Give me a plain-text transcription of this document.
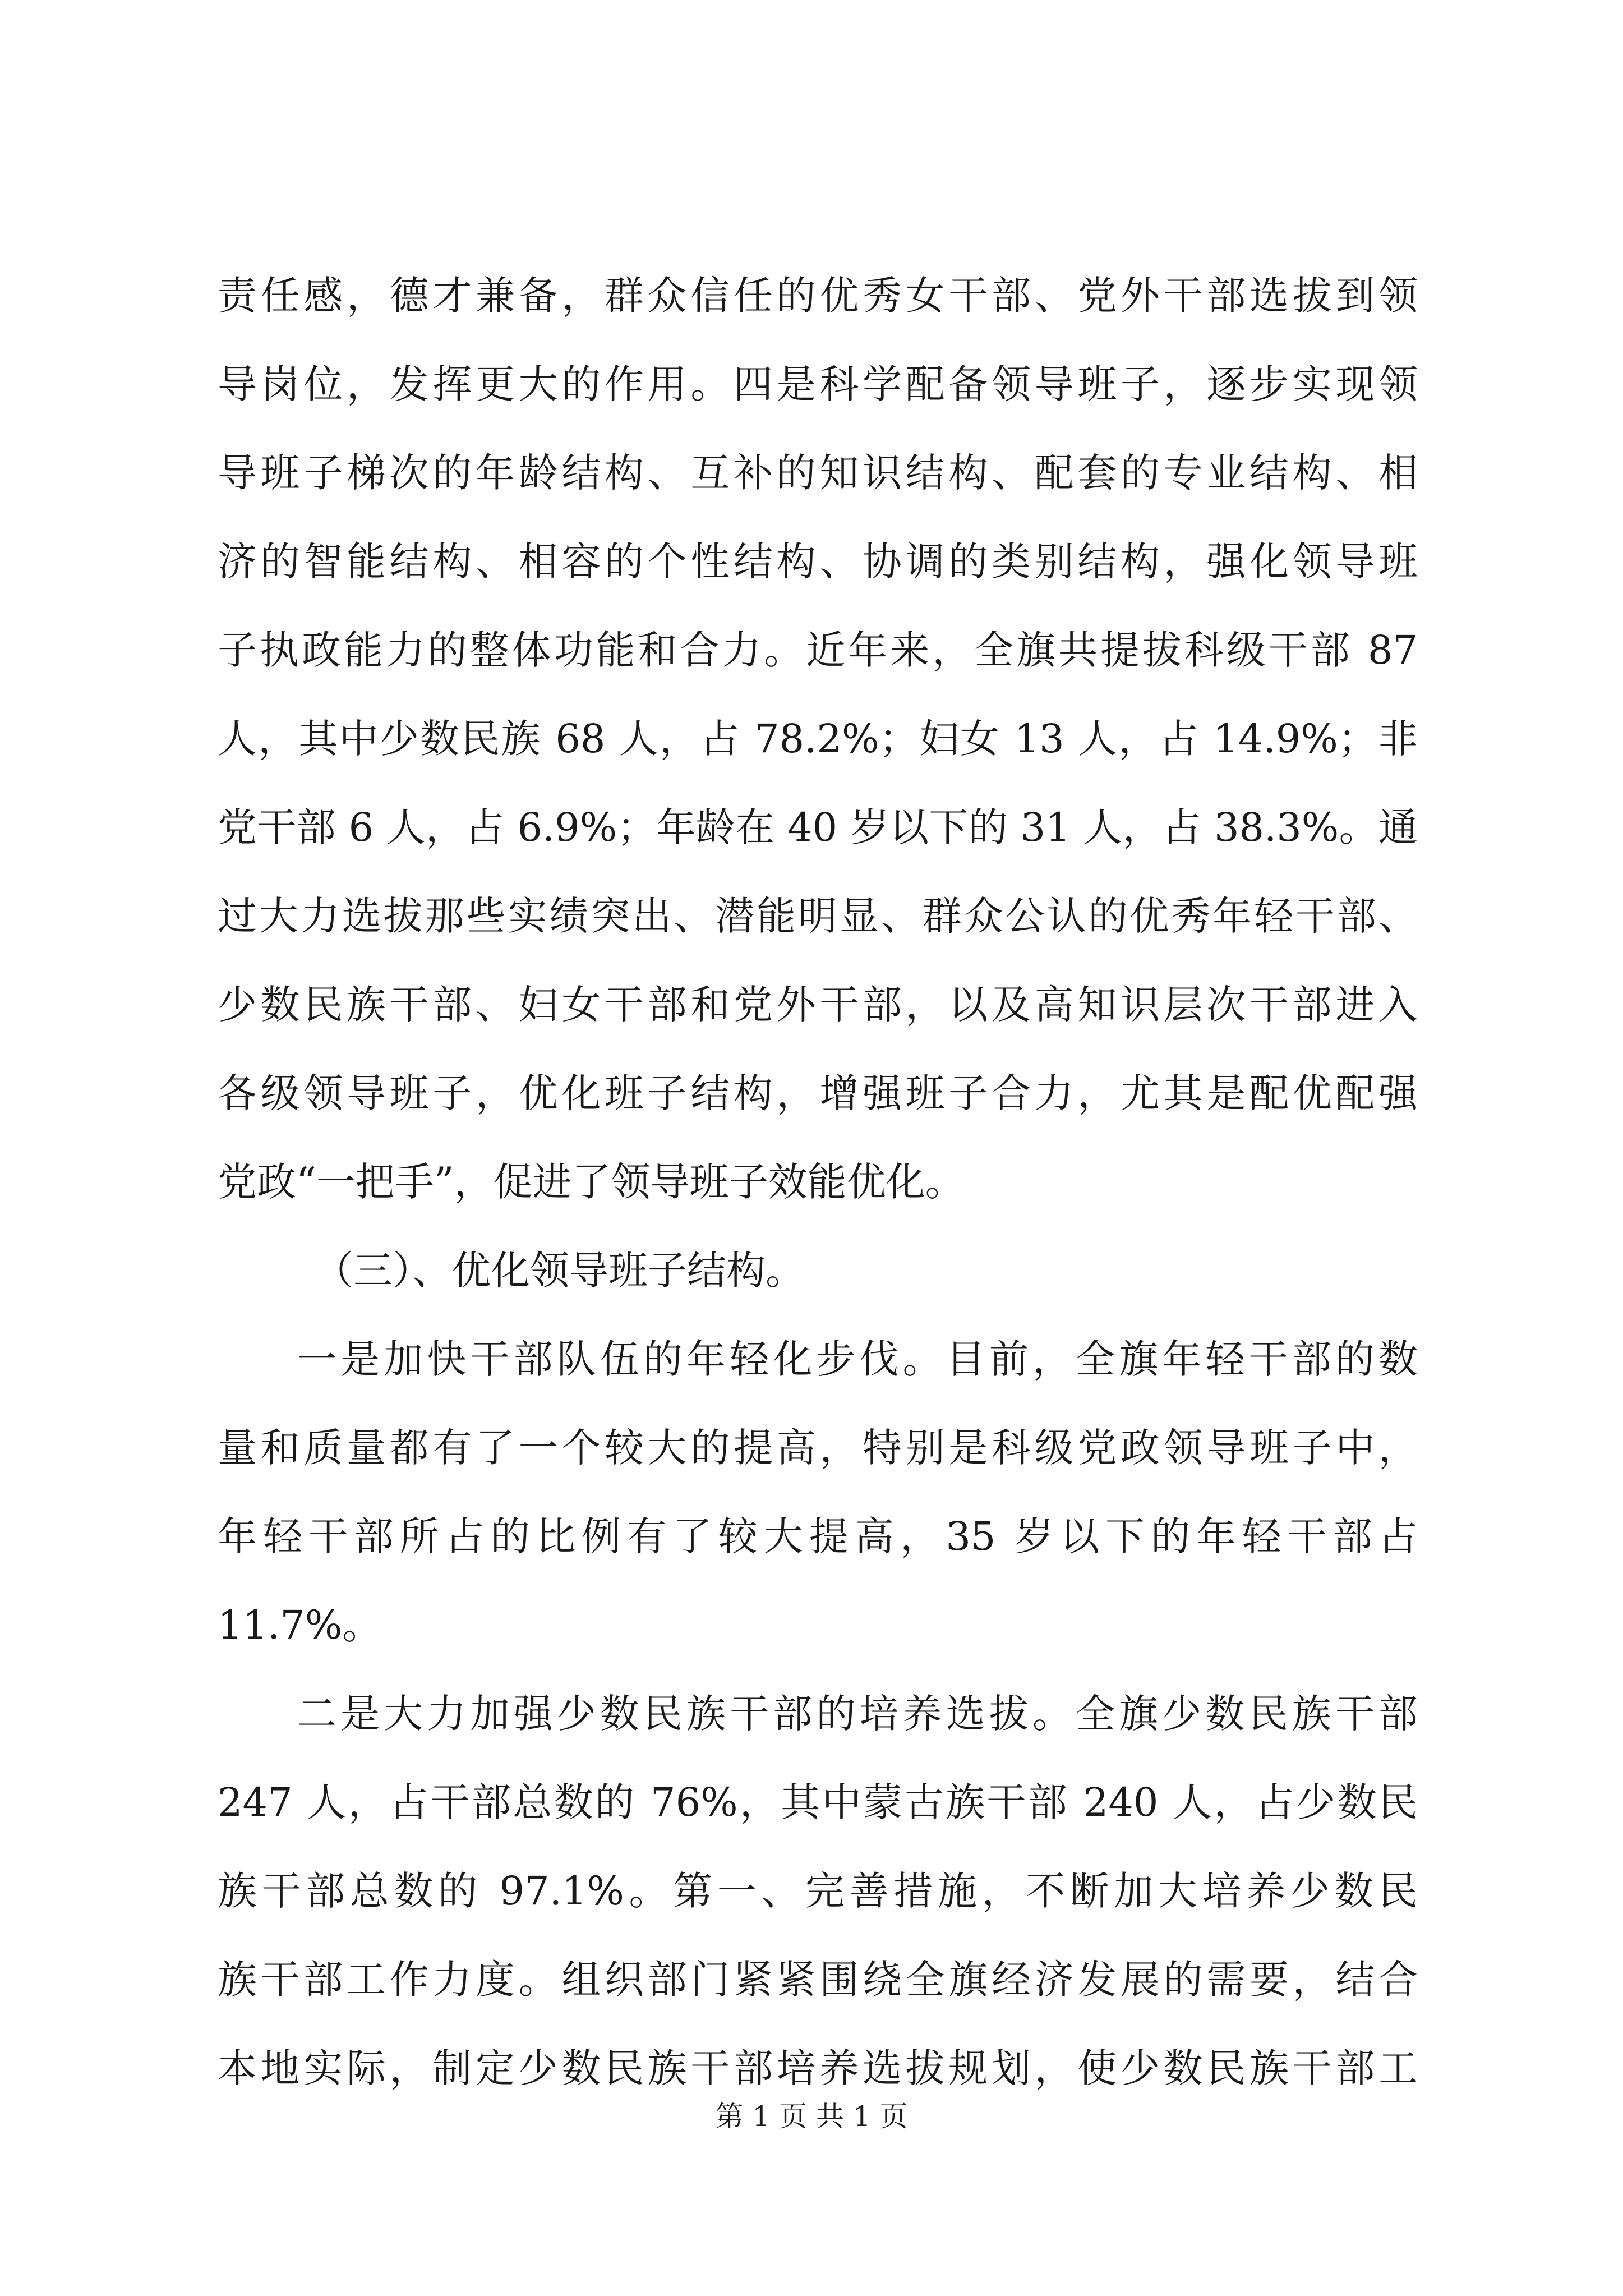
责任感，德才兼备，群众信任的优秀女干部、党外干部选拔到领
导岗位，发挥更大的作用。四是科学配备领导班子，逐步实现领
导班子梯次的年龄结构、互补的知识结构、配套的专业结构、相
济的智能结构、相容的个性结构、协调的类别结构，强化领导班
子执政能力的整体功能和合力。近年来，全旗共提拔科级干部 87
人，其中少数民族 68 人，占 78.2%；妇女 13 人，占 14.9%；非
党干部 6 人，占 6.9%；年龄在 40 岁以下的 31 人，占 38.3%。通
过大力选拔那些实绩突出、潜能明显、群众公认的优秀年轻干部、
少数民族干部、妇女干部和党外干部，以及高知识层次干部进入
各级领导班子，优化班子结构，增强班子合力，尤其是配优配强
党政“一把手”，促进了领导班子效能优化。
（三）、优化领导班子结构。
一是加快干部队伍的年轻化步伐。目前，全旗年轻干部的数
量和质量都有了一个较大的提高，特别是科级党政领导班子中，
年轻干部所占的比例有了较大提高，35 岁以下的年轻干部占
11.7%。
二是大力加强少数民族干部的培养选拔。全旗少数民族干部
247 人，占干部总数的 76%，其中蒙古族干部 240 人，占少数民
族干部总数的 97.1%。第一、完善措施，不断加大培养少数民
族干部工作力度。组织部门紧紧围绕全旗经济发展的需要，结合
本地实际，制定少数民族干部培养选拔规划，使少数民族干部工
第 1 页 共 1 页
